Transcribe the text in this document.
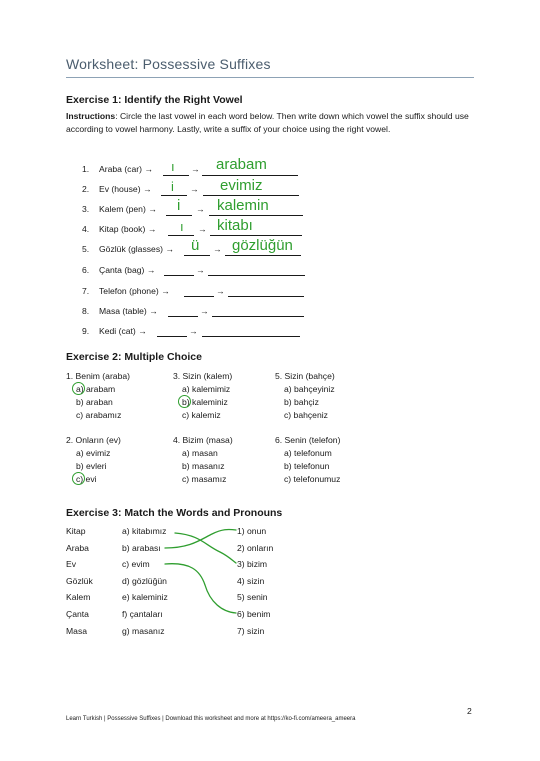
Worksheet: Possessive Suffixes
Exercise 1: Identify the Right Vowel
Instructions: Circle the last vowel in each word below. Then write down which vowel the suffix should use according to vowel harmony. Lastly, write a suffix of your choice using the right vowel.
1. Araba (car) →
2. Ev (house) →
3. Kalem (pen) →
4. Kitap (book) →
5. Gözlük (glasses) →
6. Çanta (bag) →
7. Telefon (phone) →
8. Masa (table) →
9. Kedi (cat) →
→
ı	arabam
→
i	evimiz
→
i kalemin
→
ı kitabı
→
ü gözlüğün
→
→
→
→
Exercise 2: Multiple Choice
1. Benim (araba)
a) arabam
b) araban
c) arabamız
3. Sizin (kalem)
a) kalemimiz
b) kaleminiz
c) kalemiz
5. Sizin (bahçe)
a) bahçeyiniz
b) bahçiz
c) bahçeniz
2. Onların (ev)
a) evimiz
b) evleri
c) evi
4. Bizim (masa)
a) masan
b) masanız
c) masamız
6. Senin (telefon)
a) telefonum
b) telefonun
c) telefonumuz
Exercise 3: Match the Words and Pronouns
Kitap
Araba
Ev
Gözlük
Kalem
Çanta
Masa
a) kitabımız
b) arabası
c) evim
d) gözlüğün
e) kaleminiz
f) çantaları
g) masanız
1) onun
2) onların
3) bizim
4) sizin
5) senin
6) benim
7) sizin
2
Learn Turkish | Possessive Suffixes | Download this worksheet and more at https://ko-fi.com/ameera_ameera
